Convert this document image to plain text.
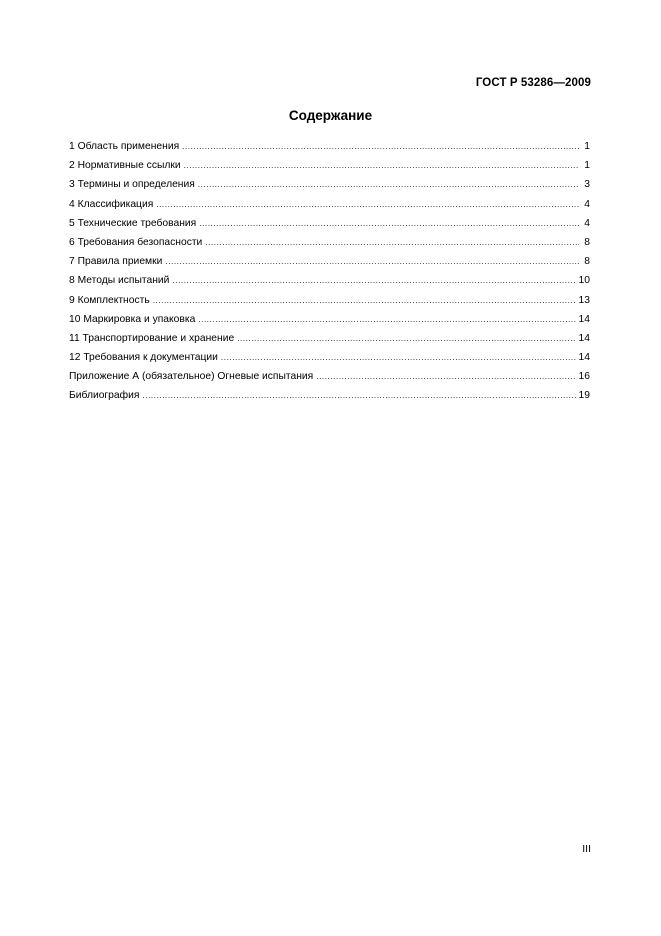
ГОСТ Р 53286—2009
Содержание
1 Область применения .....	1
2 Нормативные ссылки .....	1
3 Термины и определения .....	3
4 Классификация .....	4
5 Технические требования .....	4
6 Требования безопасности .....	8
7 Правила приемки .....	8
8 Методы испытаний .....	10
9 Комплектность .....	13
10 Маркировка и упаковка .....	14
11 Транспортирование и хранение .....	14
12 Требования к документации .....	14
Приложение А (обязательное) Огневые испытания .....	16
Библиография .....	19
III
